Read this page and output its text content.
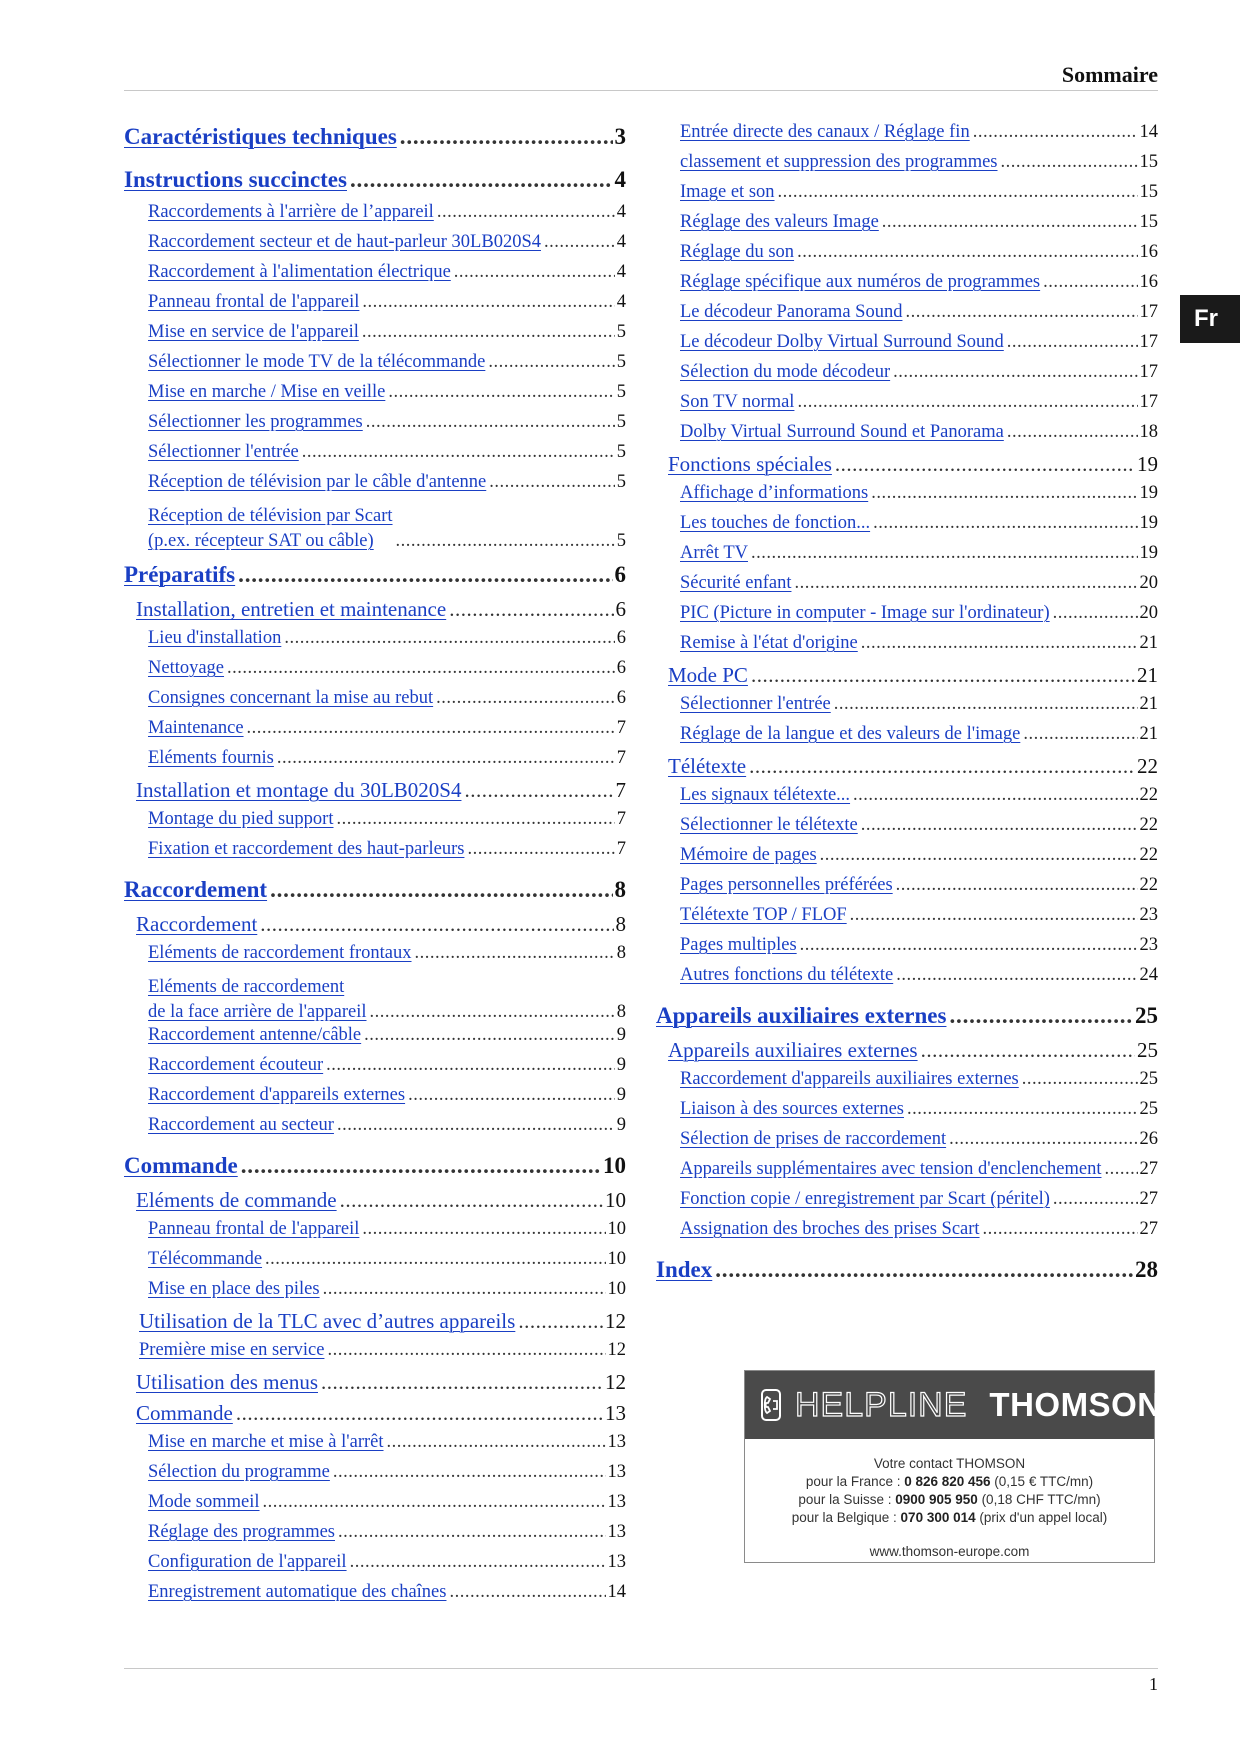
Sommaire
Caractéristiques techniques .....	3
Instructions succinctes .....	4
Raccordements à l'arrière de l’appareil .....	4
Raccordement secteur et de haut-parleur 30LB020S4 .....	4
Raccordement à l'alimentation électrique .....	4
Panneau frontal de l'appareil .....	4
Mise en service de l'appareil .....	5
Sélectionner le mode TV de la télécommande .....	5
Mise en marche / Mise en veille .....	5
Sélectionner les programmes .....	5
Sélectionner l'entrée .....	5
Réception de télévision par le câble d'antenne .....	5
Réception de télévision par Scart
(p.ex. récepteur SAT ou câble) .....	5
Préparatifs .....	6
Installation, entretien et maintenance .....	6
Lieu d'installation .....	6
Nettoyage .....	6
Consignes concernant la mise au rebut .....	6
Maintenance .....	7
Eléments fournis .....	7
Installation et montage du 30LB020S4 .....	7
Montage du pied support .....	7
Fixation et raccordement des haut-parleurs .....	7
Raccordement .....	8
Raccordement .....	8
Eléments de raccordement frontaux .....	8
Eléments de raccordement
de la face arrière de l'appareil .....	8
Raccordement antenne/câble .....	9
Raccordement écouteur .....	9
Raccordement d'appareils externes .....	9
Raccordement au secteur .....	9
Commande .....	10
Eléments de commande .....	10
Panneau frontal de l'appareil .....	10
Télécommande .....	10
Mise en place des piles .....	10
Utilisation de la TLC avec d’autres appareils .....	12
Première mise en service .....	12
Utilisation des menus .....	12
Commande .....	13
Mise en marche et mise à l'arrêt .....	13
Sélection du programme .....	13
Mode sommeil .....	13
Réglage des programmes .....	13
Configuration de l'appareil .....	13
Enregistrement automatique des chaînes .....	14
Entrée directe des canaux / Réglage fin .....	14
classement et suppression des programmes .....	15
Image et son .....	15
Réglage des valeurs Image .....	15
Réglage du son .....	16
Réglage spécifique aux numéros de programmes .....	16
Le décodeur Panorama Sound .....	17
Le décodeur Dolby Virtual Surround Sound .....	17
Sélection du mode décodeur .....	17
Son TV normal .....	17
Dolby Virtual Surround Sound et Panorama .....	18
Fonctions spéciales .....	19
Affichage d’informations .....	19
Les touches de fonction... .....	19
Arrêt TV .....	19
Sécurité enfant .....	20
PIC (Picture in computer - Image sur l'ordinateur) .....	20
Remise à l'état d'origine .....	21
Mode PC .....	21
Sélectionner l'entrée .....	21
Réglage de la langue et des valeurs de l'image .....	21
Télétexte .....	22
Les signaux télétexte... .....	22
Sélectionner le télétexte .....	22
Mémoire de pages .....	22
Pages personnelles préférées .....	22
Télétexte TOP / FLOF .....	23
Pages multiples .....	23
Autres fonctions du télétexte .....	24
Appareils auxiliaires externes .....	25
Appareils auxiliaires externes .....	25
Raccordement d'appareils auxiliaires externes .....	25
Liaison à des sources externes .....	25
Sélection de prises de raccordement .....	26
Appareils supplémentaires avec tension d'enclenchement ..... 27
Fonction copie / enregistrement par Scart (péritel) .....	27
Assignation des broches des prises Scart .....	27
Index .....	28
Fr
HELPLINE THOMSON
Votre contact THOMSON
pour la France : 0 826 820 456 (0,15 € TTC/mn)
pour la Suisse : 0900 905 950 (0,18 CHF TTC/mn)
pour la Belgique : 070 300 014 (prix d'un appel local)
www.thomson-europe.com
1
